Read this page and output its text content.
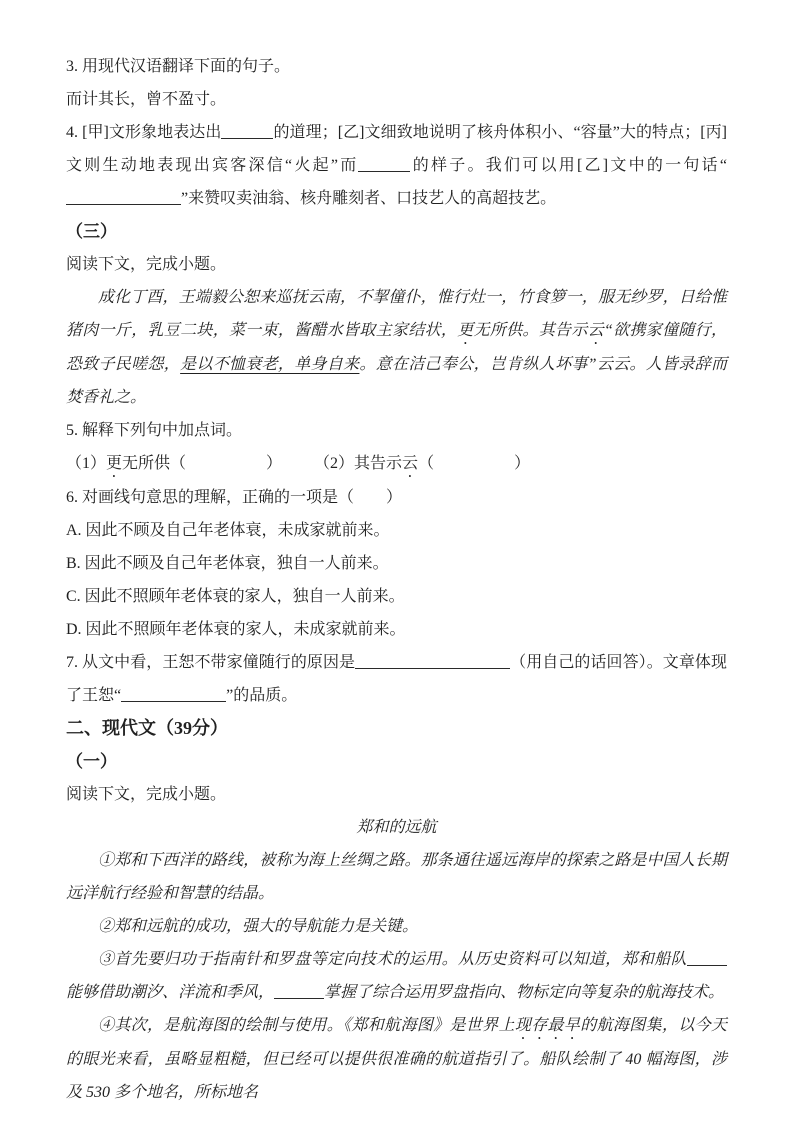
3. 用现代汉语翻译下面的句子。

而计其长，曾不盈寸。

4. [甲]文形象地表达出	的道理；[乙]文细致地说明了核舟体积小、“容量”大的特点；[丙]文则生动地表现出宾客深信“火起”而	的样子。我们可以用[乙]文中的一句话“”来赞叹卖油翁、核舟雕刻者、口技艺人的高超技艺。

（三）

阅读下文，完成小题。

成化丁酉，王端毅公恕来巡抚云南，不挈僮仆，惟行灶一，竹食箩一，服无纱罗，日给惟猪肉一斤，乳豆二块，菜一束，酱醋水皆取主家结状，更无所供。其告示云“欲携家僮随行，恐致子民嗟怨，是以不恤衰老，单身自来。意在洁己奉公，岂肯纵人坏事”云云。人皆录辞而焚香礼之。

5. 解释下列句中加点词。

（1）更无所供（　　　　　）　　　（2）其告示云（　　　　　）

6. 对画线句意思的理解，正确的一项是（　　）

A. 因此不顾及自己年老体衰，未成家就前来。

B. 因此不顾及自己年老体衰，独自一人前来。

C. 因此不照顾年老体衰的家人，独自一人前来。

D. 因此不照顾年老体衰的家人，未成家就前来。

7. 从文中看，王恕不带家僮随行的原因是	（用自己的话回答）。文章体现了王恕“	”的品质。

二、现代文（39分）

（一）

阅读下文，完成小题。

郑和的远航

①郑和下西洋的路线，被称为海上丝绸之路。那条通往遥远海岸的探索之路是中国人长期远洋航行经验和智慧的结晶。

②郑和远航的成功，强大的导航能力是关键。

③首先要归功于指南针和罗盘等定向技术的运用。从历史资料可以知道，郑和船队能够借助潮汐、洋流和季风，	掌握了综合运用罗盘指向、物标定向等复杂的航海技术。

④其次，是航海图的绘制与使用。《郑和航海图》是世界上现存最早的航海图集，以今天的眼光来看，虽略显粗糙，但已经可以提供很准确的航道指引了。船队绘制了 40 幅海图，涉及 530 多个地名，所标地名
